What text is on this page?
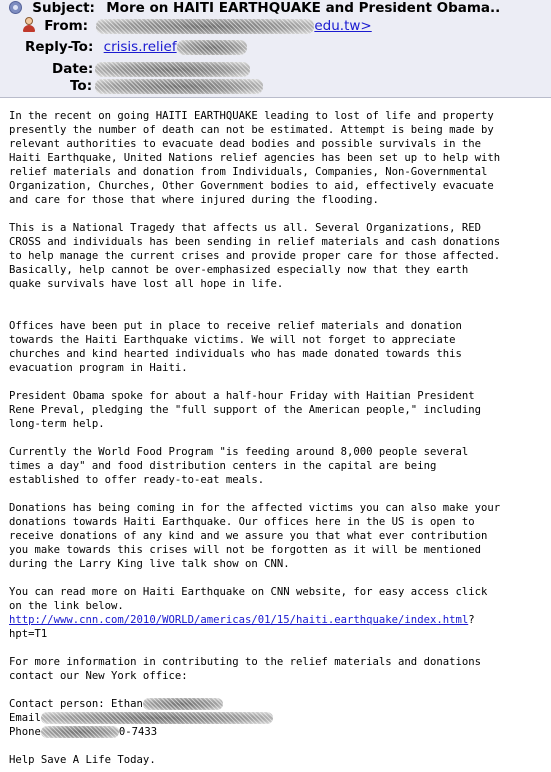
Subject: More on HAITI EARTHQUAKE and President Obama..
From:	edu.tw>
Reply-To: crisis.relief
Date:
To:
In the recent on going HAITI EARTHQUAKE leading to lost of life and property
presently the number of death can not be estimated. Attempt is being made by
relevant authorities to evacuate dead bodies and possible survivals in the
Haiti Earthquake, United Nations relief agencies has been set up to help with
relief materials and donation from Individuals, Companies, Non-Governmental
Organization, Churches, Other Government bodies to aid, effectively evacuate
and care for those that where injured during the flooding.

This is a National Tragedy that affects us all. Several Organizations, RED
CROSS and individuals has been sending in relief materials and cash donations
to help manage the current crises and provide proper care for those affected.
Basically, help cannot be over-emphasized especially now that they earth
quake survivals have lost all hope in life.

Offices have been put in place to receive relief materials and donation
towards the Haiti Earthquake victims. We will not forget to appreciate
churches and kind hearted individuals who has made donated towards this
evacuation program in Haiti.

President Obama spoke for about a half-hour Friday with Haitian President
Rene Preval, pledging the "full support of the American people," including
long-term help.

Currently the World Food Program "is feeding around 8,000 people several
times a day" and food distribution centers in the capital are being
established to offer ready-to-eat meals.

Donations has being coming in for the affected victims you can also make your
donations towards Haiti Earthquake. Our offices here in the US is open to
receive donations of any kind and we assure you that what ever contribution
you make towards this crises will not be forgotten as it will be mentioned
during the Larry King live talk show on CNN.

You can read more on Haiti Earthquake on CNN website, for easy access click
on the link below.
http://www.cnn.com/2010/WORLD/americas/01/15/haiti.earthquake/index.html?
hpt=T1

For more information in contributing to the relief materials and donations
contact our New York office:

Contact person: Ethan
Email
Phone	0-7433

Help Save A Life Today.
